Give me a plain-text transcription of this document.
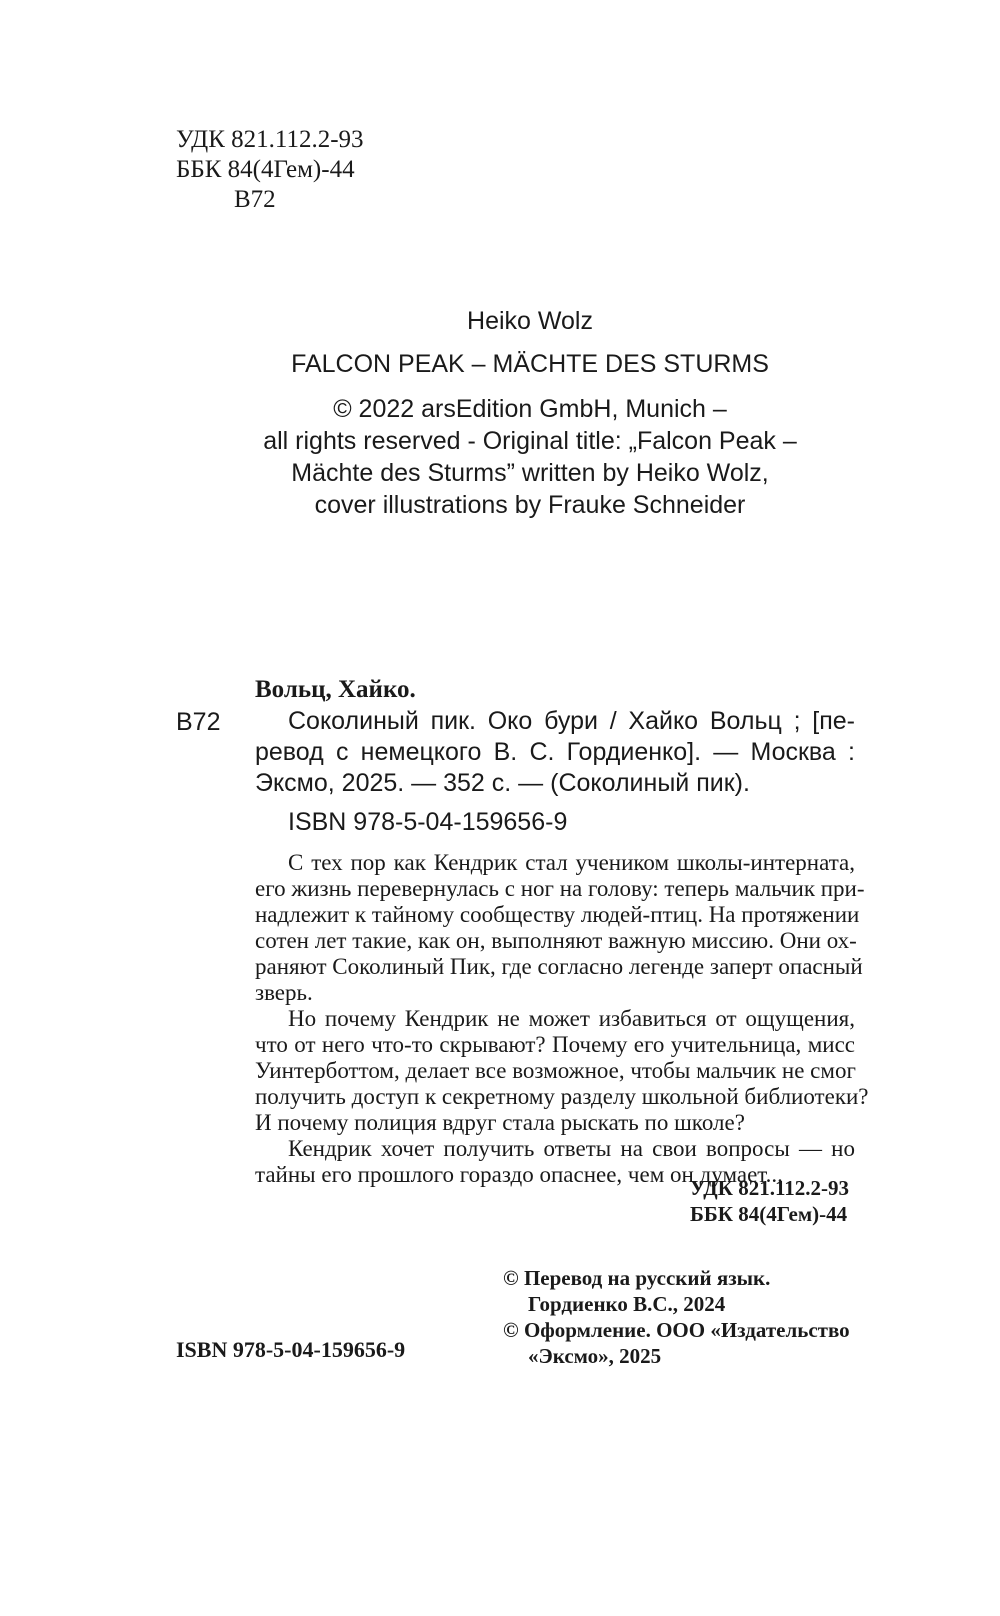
УДК 821.112.2-93
ББК 84(4Гем)-44
В72
Heiko Wolz
FALCON PEAK – MÄCHTE DES STURMS
© 2022 arsEdition GmbH, Munich –
all rights reserved - Original title: „Falcon Peak –
Mächte des Sturms” written by Heiko Wolz,
cover illustrations by Frauke Schneider
Вольц, Хайко.
В72	Соколиный пик. Око бури / Хайко Вольц ; [пе-
ревод с немецкого В. С. Гордиенко]. — Москва :
Эксмо, 2025. — 352 с. — (Соколиный пик).
ISBN 978-5-04-159656-9
С тех пор как Кендрик стал учеником школы-интерната,
его жизнь перевернулась с ног на голову: теперь мальчик при-
надлежит к тайному сообществу людей-птиц. На протяжении
сотен лет такие, как он, выполняют важную миссию. Они ох-
раняют Соколиный Пик, где согласно легенде заперт опасный
зверь.
Но почему Кендрик не может избавиться от ощущения,
что от него что-то скрывают? Почему его учительница, мисс
Уинтерботтом, делает все возможное, чтобы мальчик не смог
получить доступ к секретному разделу школьной библиотеки?
И почему полиция вдруг стала рыскать по школе?
Кендрик хочет получить ответы на свои вопросы — но
тайны его прошлого гораздо опаснее, чем он думает...
УДК 821.112.2-93
ББК 84(4Гем)-44
© Перевод на русский язык.
Гордиенко В.С., 2024
© Оформление. ООО «Издательство
«Эксмо», 2025
ISBN 978-5-04-159656-9
